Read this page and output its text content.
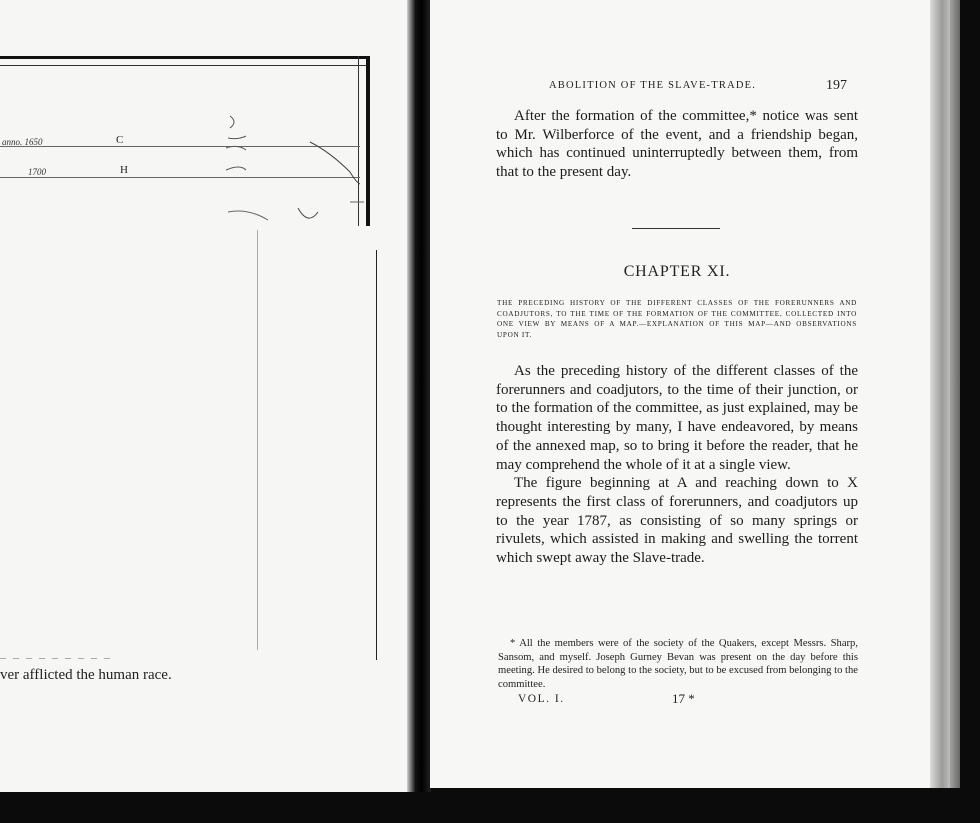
anno. 1650	C
1700	H
– – – – – – – – –
ver afflicted the human race.
ABOLITION OF THE SLAVE-TRADE.	197

After the formation of the committee,* notice was sent to Mr. Wilberforce of the event, and a friendship began, which has continued uninterruptedly between them, from that to the present day.

CHAPTER XI.
THE PRECEDING HISTORY OF THE DIFFERENT CLASSES OF THE FORERUNNERS AND COADJUTORS, TO THE TIME OF THE FORMATION OF THE COMMITTEE, COLLECTED INTO ONE VIEW BY MEANS OF A MAP.—EXPLANATION OF THIS MAP—AND OBSERVATIONS UPON IT.

As the preceding history of the different classes of the forerunners and coadjutors, to the time of their junction, or to the formation of the committee, as just explained, may be thought interesting by many, I have endeavored, by means of the annexed map, so to bring it before the reader, that he may comprehend the whole of it at a single view.

The figure beginning at A and reaching down to X represents the first class of forerunners, and coadjutors up to the year 1787, as consisting of so many springs or rivulets, which assisted in making and swelling the torrent which swept away the Slave-trade.

* All the members were of the society of the Quakers, except Messrs. Sharp, Sansom, and myself. Joseph Gurney Bevan was present on the day before this meeting. He desired to belong to the society, but to be excused from belonging to the committee.

VOL. I.	17 *
